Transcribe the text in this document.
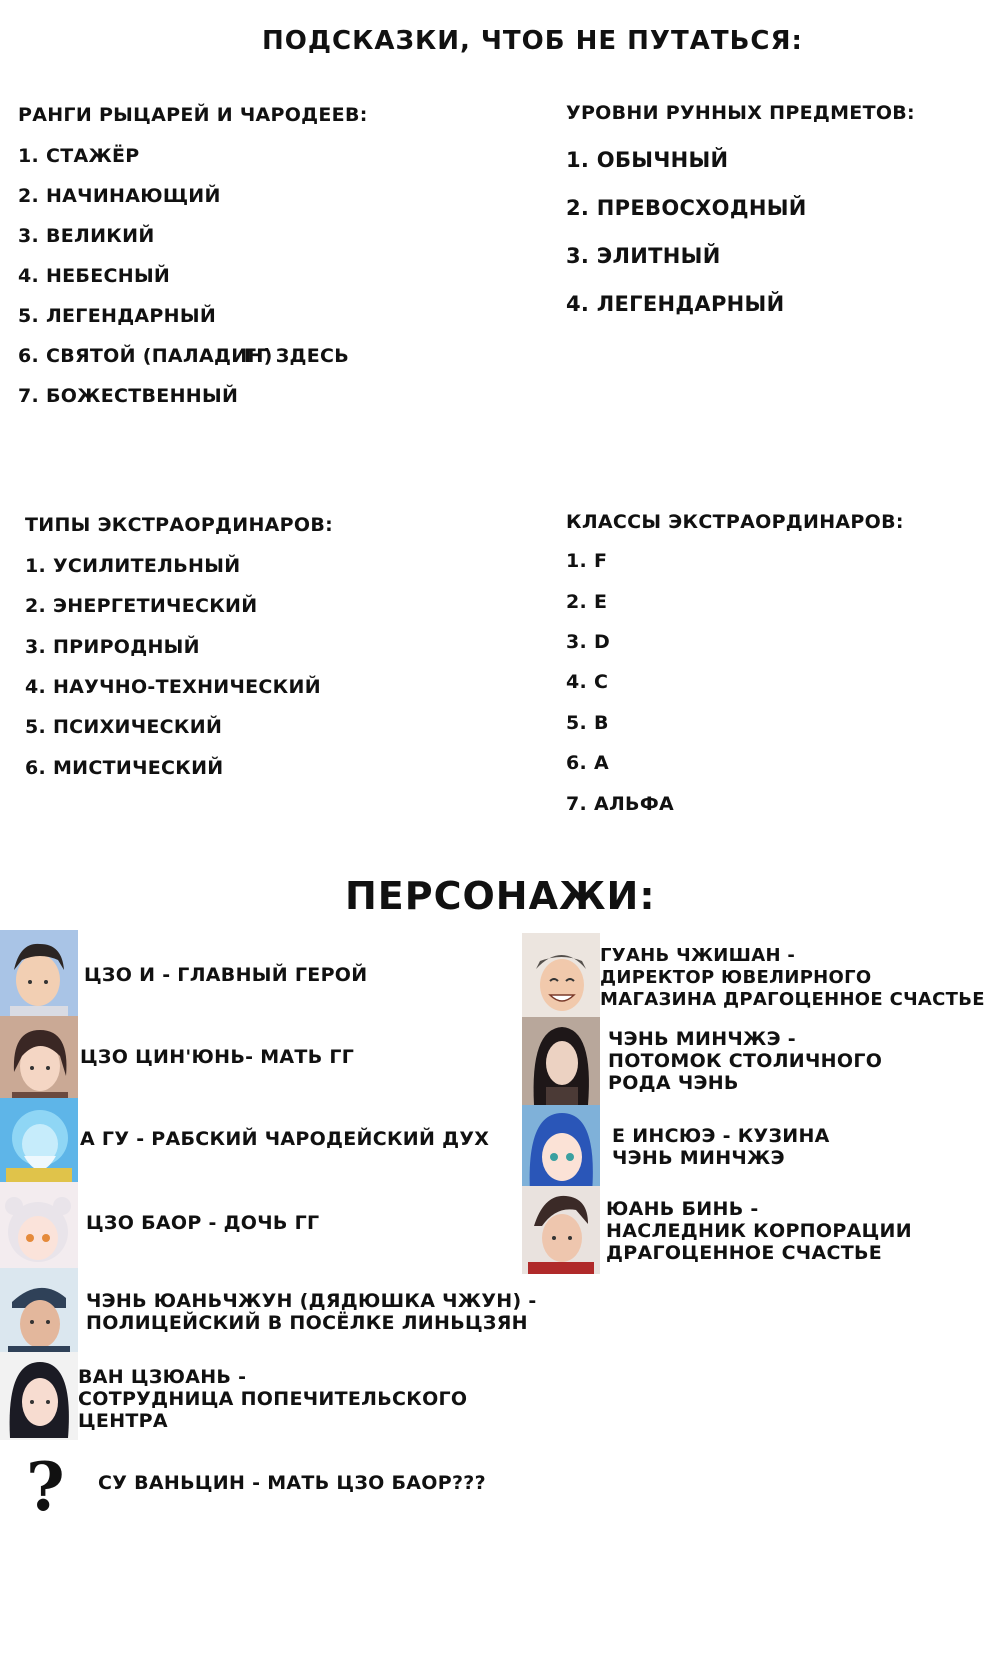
ПОДСКАЗКИ, ЧТОБ НЕ ПУТАТЬСЯ:
РАНГИ РЫЦАРЕЙ И ЧАРОДЕЕВ:
1. СТАЖЁР
2. НАЧИНАЮЩИЙ
3. ВЕЛИКИЙ
4. НЕБЕСНЫЙ
5. ЛЕГЕНДАРНЫЙ
6. СВЯТОЙ (ПАЛАДИН)
ГГ ЗДЕСЬ
7. БОЖЕСТВЕННЫЙ
УРОВНИ РУННЫХ ПРЕДМЕТОВ:
1. ОБЫЧНЫЙ
2. ПРЕВОСХОДНЫЙ
3. ЭЛИТНЫЙ
4. ЛЕГЕНДАРНЫЙ
ТИПЫ ЭКСТРАОРДИНАРОВ:
1. УСИЛИТЕЛЬНЫЙ
2. ЭНЕРГЕТИЧЕСКИЙ
3. ПРИРОДНЫЙ
4. НАУЧНО-ТЕХНИЧЕСКИЙ
5. ПСИХИЧЕСКИЙ
6. МИСТИЧЕСКИЙ
КЛАССЫ ЭКСТРАОРДИНАРОВ:
1. F
2. E
3. D
4. C
5. B
6. A
7. АЛЬФА
ПЕРСОНАЖИ:
ЦЗО И - ГЛАВНЫЙ ГЕРОЙ
ЦЗО ЦИН'ЮНЬ- МАТЬ ГГ
А ГУ - РАБСКИЙ ЧАРОДЕЙСКИЙ ДУХ
ЦЗО БАОР - ДОЧЬ ГГ
ЧЭНЬ ЮАНЬЧЖУН (ДЯДЮШКА ЧЖУН) -
ПОЛИЦЕЙСКИЙ В ПОСЁЛКЕ ЛИНЬЦЗЯН
ВАН ЦЗЮАНЬ -
СОТРУДНИЦА ПОПЕЧИТЕЛЬСКОГО
ЦЕНТРА
? СУ ВАНЬЦИН - МАТЬ ЦЗО БАОР???
ГУАНЬ ЧЖИШАН -
ДИРЕКТОР ЮВЕЛИРНОГО
МАГАЗИНА ДРАГОЦЕННОЕ СЧАСТЬЕ
ЧЭНЬ МИНЧЖЭ -
ПОТОМОК СТОЛИЧНОГО
РОДА ЧЭНЬ
Е ИНСЮЭ - КУЗИНА
ЧЭНЬ МИНЧЖЭ
ЮАНЬ БИНЬ -
НАСЛЕДНИК КОРПОРАЦИИ
ДРАГОЦЕННОЕ СЧАСТЬЕ
